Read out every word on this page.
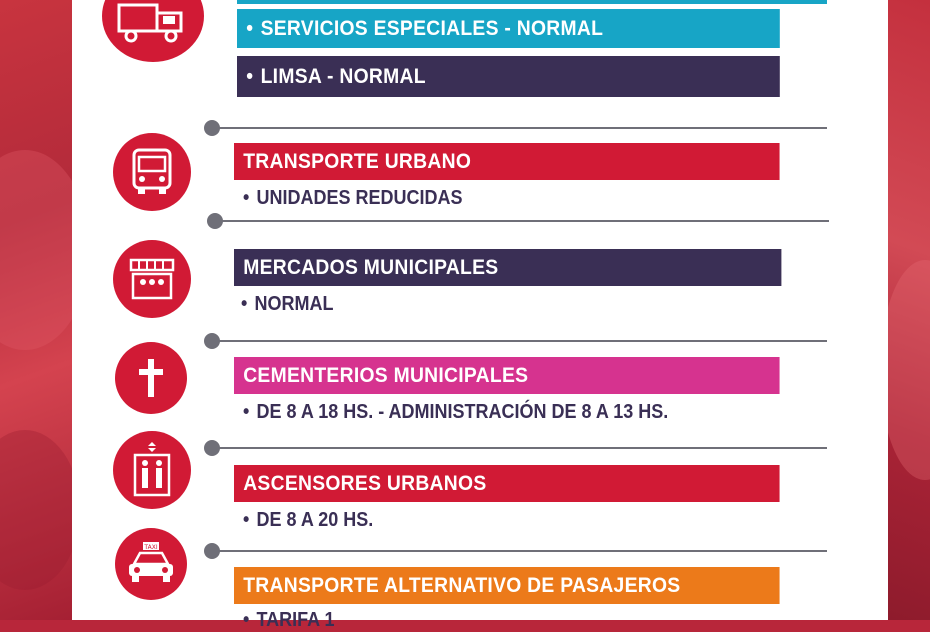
• SERVICIOS ESPECIALES - NORMAL
• LIMSA - NORMAL
TRANSPORTE URBANO
• UNIDADES REDUCIDAS
MERCADOS MUNICIPALES
• NORMAL
CEMENTERIOS MUNICIPALES
• DE 8 A 18 HS. - ADMINISTRACIÓN DE 8 A 13 HS.
ASCENSORES URBANOS
• DE 8 A 20 HS.
TAXI
TRANSPORTE ALTERNATIVO DE PASAJEROS
• TARIFA 1
